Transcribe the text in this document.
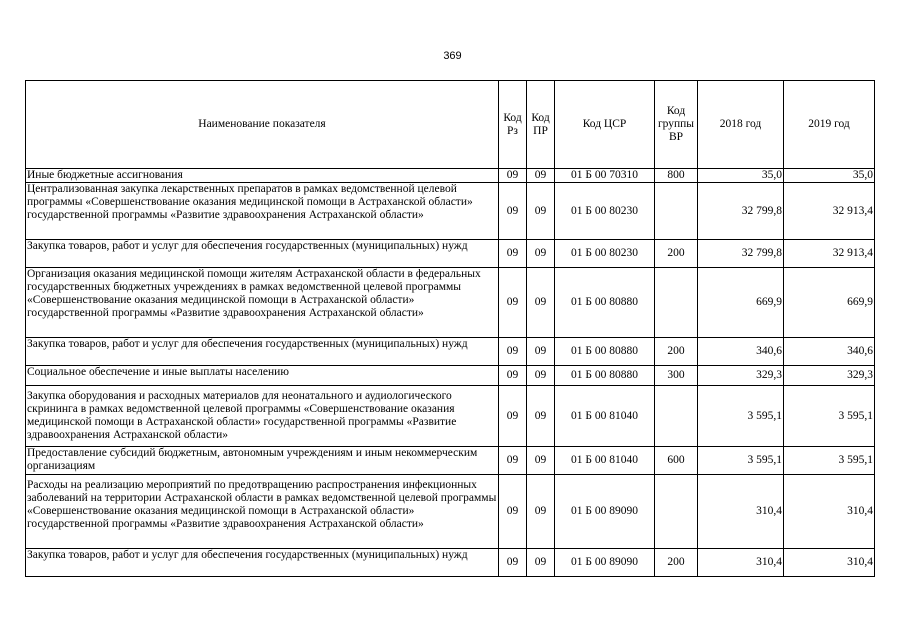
369
Наименование показателя	Код Рз	Код ПР	Код ЦСР	Код группы ВР	2018 год	2019 год
Иные бюджетные ассигнования	09	09	01 Б 00 70310	800	35,0	35,0
Централизованная закупка лекарственных препаратов в рамках ведомственной целевой программы «Совершенствование оказания медицинской помощи в Астраханской области» государственной программы «Развитие здравоохранения Астраханской области»	09	09	01 Б 00 80230		32 799,8	32 913,4
Закупка товаров, работ и услуг для обеспечения государственных (муниципальных) нужд	09	09	01 Б 00 80230	200	32 799,8	32 913,4
Организация оказания медицинской помощи жителям Астраханской области в федеральных государственных бюджетных учреждениях в рамках ведомственной целевой программы «Совершенствование оказания медицинской помощи в Астраханской области» государственной программы «Развитие здравоохранения Астраханской области»	09	09	01 Б 00 80880		669,9	669,9
Закупка товаров, работ и услуг для обеспечения государственных (муниципальных) нужд	09	09	01 Б 00 80880	200	340,6	340,6
Социальное обеспечение и иные выплаты населению	09	09	01 Б 00 80880	300	329,3	329,3
Закупка оборудования и расходных материалов для неонатального и аудиологического скрининга в рамках ведомственной целевой программы «Совершенствование оказания медицинской помощи в Астраханской области» государственной программы «Развитие здравоохранения Астраханской области»	09	09	01 Б 00 81040		3 595,1	3 595,1
Предоставление субсидий бюджетным, автономным учреждениям и иным некоммерческим организациям	09	09	01 Б 00 81040	600	3 595,1	3 595,1
Расходы на реализацию мероприятий по предотвращению распространения инфекционных заболеваний на территории Астраханской области в рамках ведомственной целевой программы «Совершенствование оказания медицинской помощи в Астраханской области» государственной программы «Развитие здравоохранения Астраханской области»	09	09	01 Б 00 89090		310,4	310,4
Закупка товаров, работ и услуг для обеспечения государственных (муниципальных) нужд	09	09	01 Б 00 89090	200	310,4	310,4
